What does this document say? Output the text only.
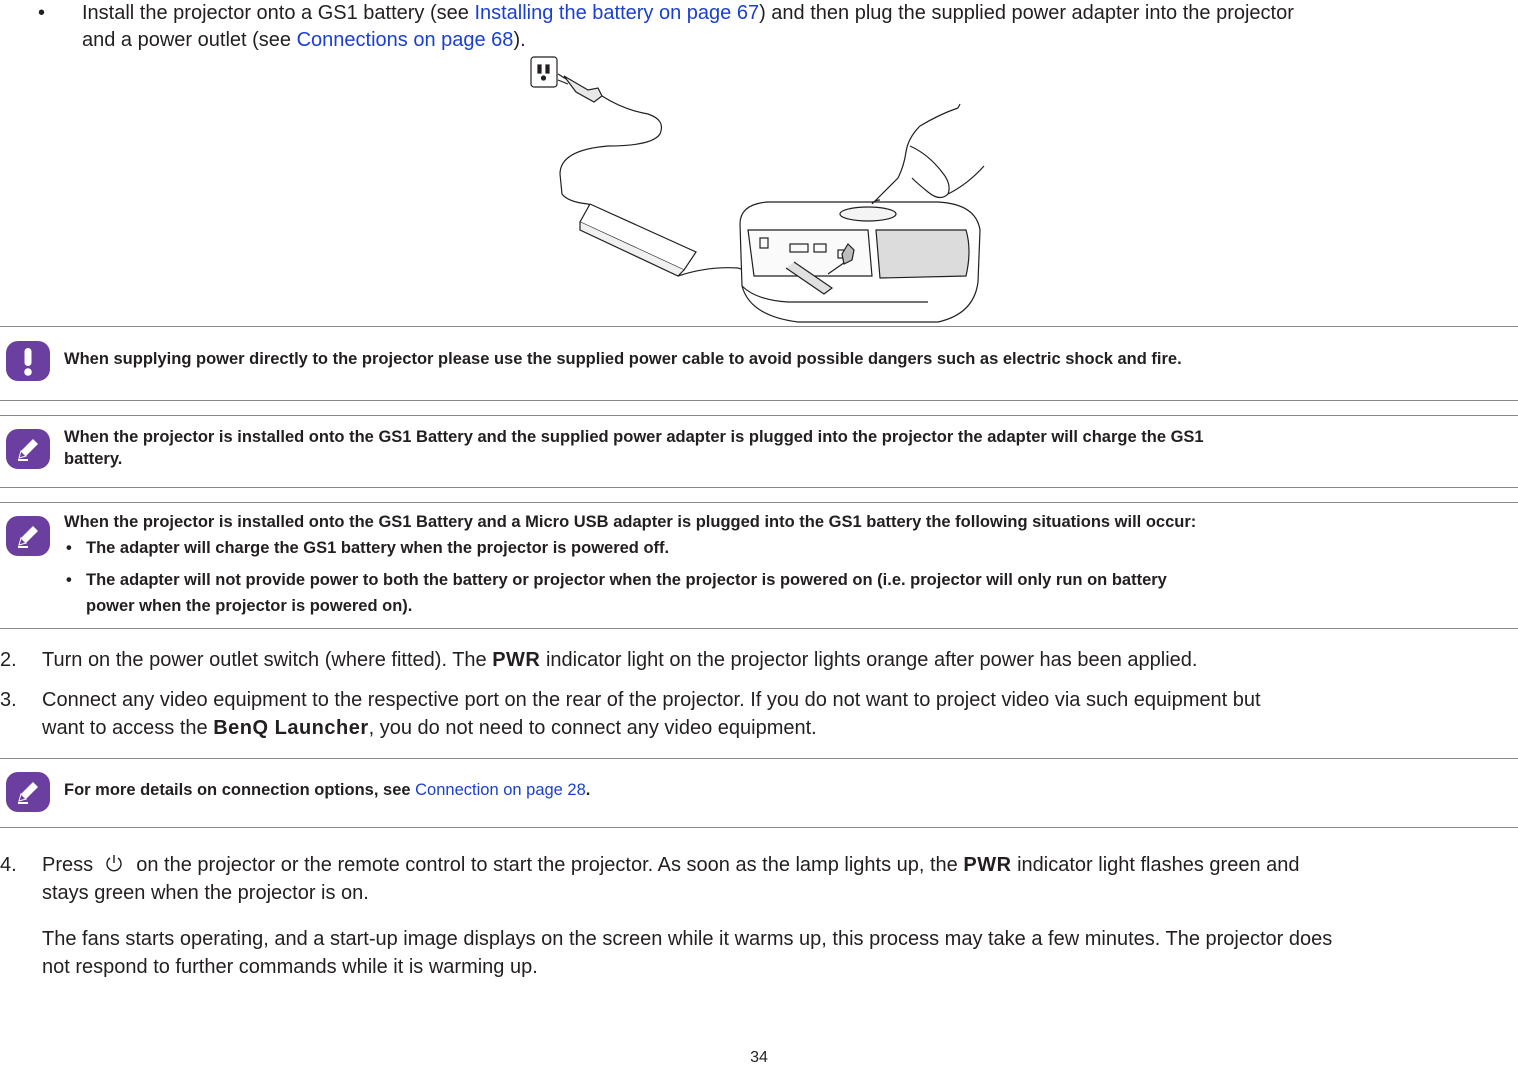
• Install the projector onto a GS1 battery (see Installing the battery on page 67) and then plug the supplied power adapter into the projector
and a power outlet (see Connections on page 68).
When supplying power directly to the projector please use the supplied power cable to avoid possible dangers such as electric shock and fire.
When the projector is installed onto the GS1 Battery and the supplied power adapter is plugged into the projector the adapter will charge the GS1
battery.
When the projector is installed onto the GS1 Battery and a Micro USB adapter is plugged into the GS1 battery the following situations will occur:
• The adapter will charge the GS1 battery when the projector is powered off.
• The adapter will not provide power to both the battery or projector when the projector is powered on (i.e. projector will only run on battery
power when the projector is powered on).
2. Turn on the power outlet switch (where fitted). The PWR indicator light on the projector lights orange after power has been applied.
3. Connect any video equipment to the respective port on the rear of the projector. If you do not want to project video via such equipment but
want to access the BenQ Launcher, you do not need to connect any video equipment.
For more details on connection options, see Connection on page 28.
4. Press  on the projector or the remote control to start the projector. As soon as the lamp lights up, the PWR indicator light flashes green and
stays green when the projector is on.
The fans starts operating, and a start-up image displays on the screen while it warms up, this process may take a few minutes. The projector does
not respond to further commands while it is warming up.
34
